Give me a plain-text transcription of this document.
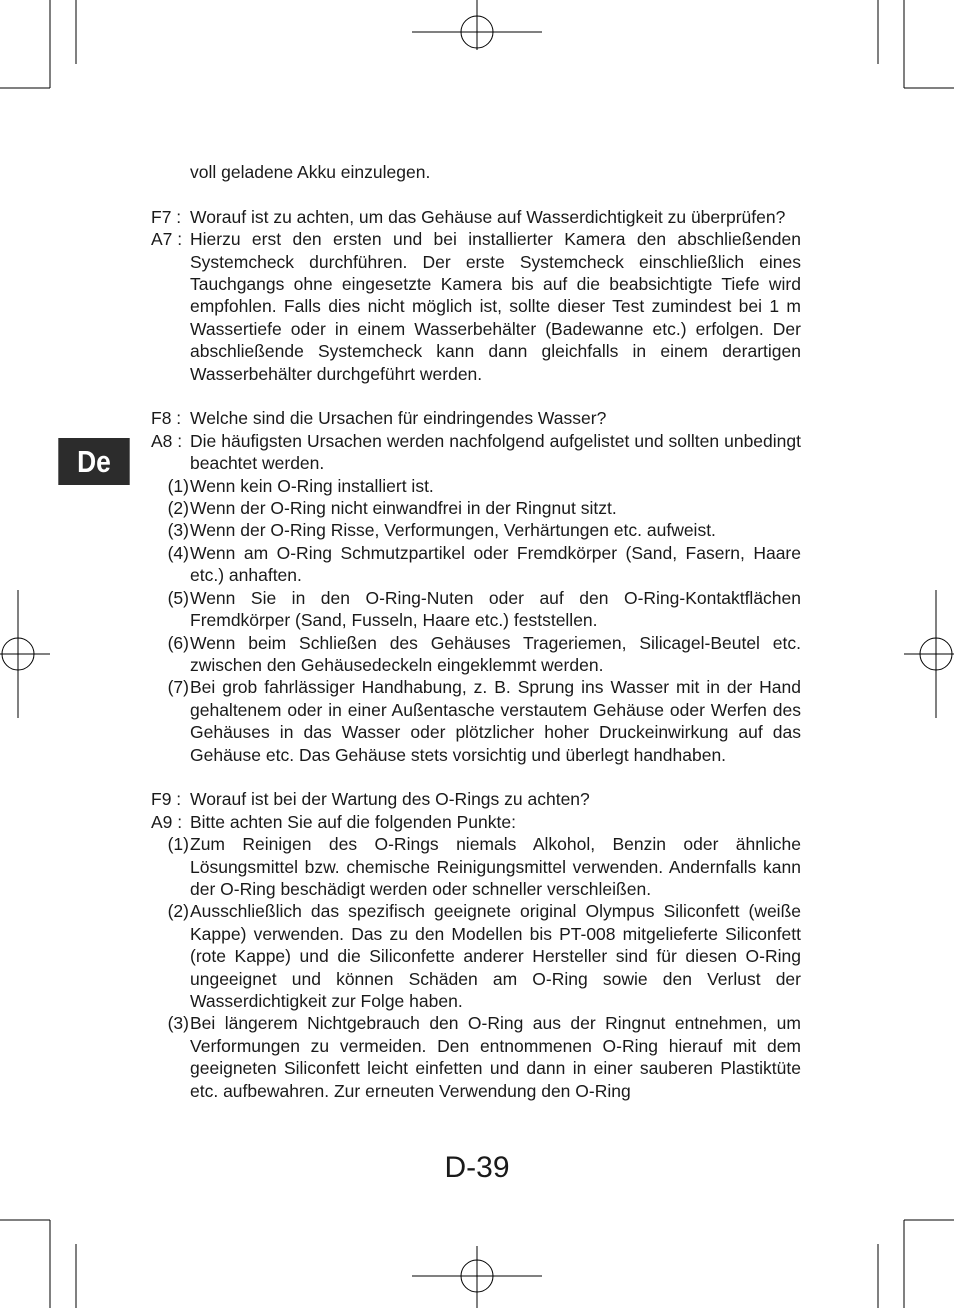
De
voll geladene Akku einzulegen.
F7 : Worauf ist zu achten, um das Gehäuse auf Wasserdichtigkeit zu überprüfen?
A7 : Hierzu erst den ersten und bei installierter Kamera den abschließenden Systemcheck durchführen. Der erste Systemcheck einschließlich eines Tauchgangs ohne eingesetzte Kamera bis auf die beabsichtigte Tiefe wird empfohlen. Falls dies nicht möglich ist, sollte dieser Test zumindest bei 1 m Wassertiefe oder in einem Wasserbehälter (Badewanne etc.) erfolgen. Der abschließende Systemcheck kann dann gleichfalls in einem derartigen Wasserbehälter durchgeführt werden.
F8 : Welche sind die Ursachen für eindringendes Wasser?
A8 : Die häufigsten Ursachen werden nachfolgend aufgelistet und sollten unbedingt beachtet werden.
(1) Wenn kein O-Ring installiert ist.
(2) Wenn der O-Ring nicht einwandfrei in der Ringnut sitzt.
(3) Wenn der O-Ring Risse, Verformungen, Verhärtungen etc. aufweist.
(4) Wenn am O-Ring Schmutzpartikel oder Fremdkörper (Sand, Fasern, Haare etc.) anhaften.
(5) Wenn Sie in den O-Ring-Nuten oder auf den O-Ring-Kontaktflächen Fremdkörper (Sand, Fusseln, Haare etc.) feststellen.
(6) Wenn beim Schließen des Gehäuses Trageriemen, Silicagel-Beutel etc. zwischen den Gehäusedeckeln eingeklemmt werden.
(7) Bei grob fahrlässiger Handhabung, z. B. Sprung ins Wasser mit in der Hand gehaltenem oder in einer Außentasche verstautem Gehäuse oder Werfen des Gehäuses in das Wasser oder plötzlicher hoher Druckeinwirkung auf das Gehäuse etc. Das Gehäuse stets vorsichtig und überlegt handhaben.
F9 : Worauf ist bei der Wartung des O-Rings zu achten?
A9 : Bitte achten Sie auf die folgenden Punkte:
(1) Zum Reinigen des O-Rings niemals Alkohol, Benzin oder ähnliche Lösungsmittel bzw. chemische Reinigungsmittel verwenden. Andernfalls kann der O-Ring beschädigt werden oder schneller verschleißen.
(2) Ausschließlich das spezifisch geeignete original Olympus Siliconfett (weiße Kappe) verwenden. Das zu den Modellen bis PT-008 mitgelieferte Siliconfett (rote Kappe) und die Siliconfette anderer Hersteller sind für diesen O-Ring ungeeignet und können Schäden am O-Ring sowie den Verlust der Wasserdichtigkeit zur Folge haben.
(3) Bei längerem Nichtgebrauch den O-Ring aus der Ringnut entnehmen, um Verformungen zu vermeiden. Den entnommenen O-Ring hierauf mit dem geeigneten Siliconfett leicht einfetten und dann in einer sauberen Plastiktüte etc. aufbewahren. Zur erneuten Verwendung den O-Ring
D-39
